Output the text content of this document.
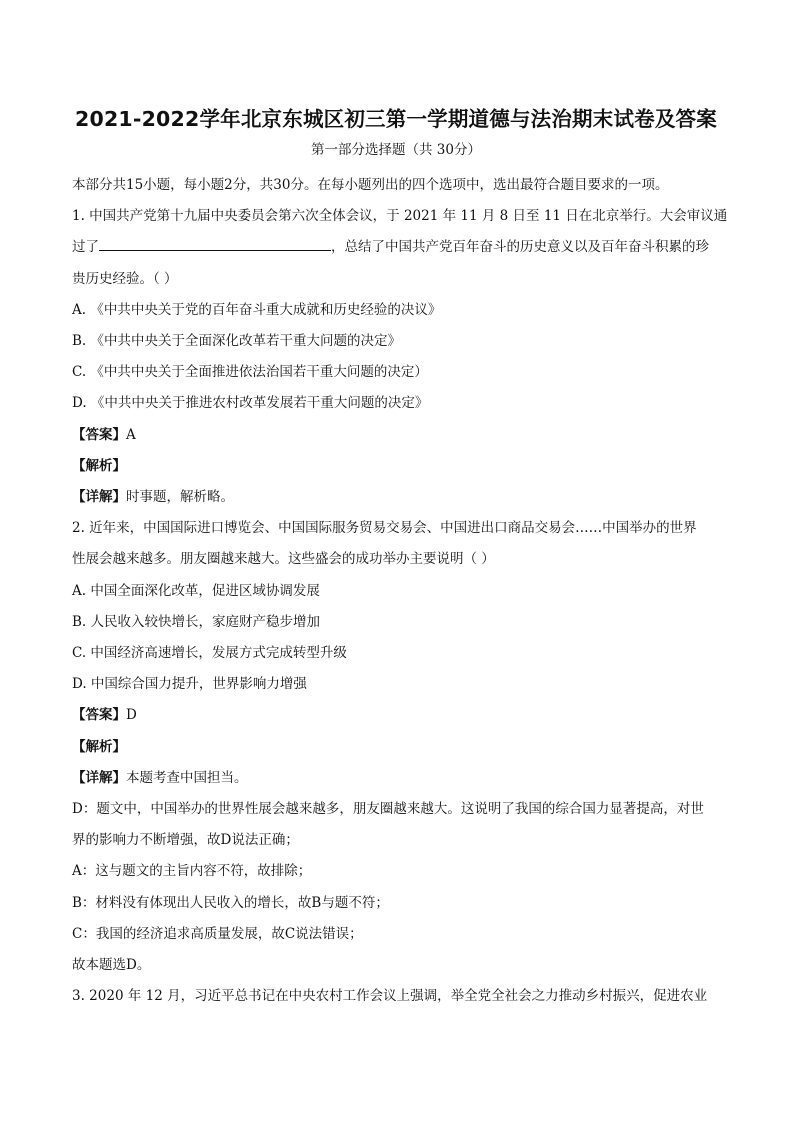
2021-2022学年北京东城区初三第一学期道德与法治期末试卷及答案
第一部分选择题（共 30分）

本部分共15小题，每小题2分，共30分。在每小题列出的四个选项中，选出最符合题目要求的一项。

1. 中国共产党第十九届中央委员会第六次全体会议，于 2021 年 11 月 8 日至 11 日在北京举行。大会审议通

过了	，总结了中国共产党百年奋斗的历史意义以及百年奋斗积累的珍

贵历史经验。（ ）

A. 《中共中央关于党的百年奋斗重大成就和历史经验的决议》

B. 《中共中央关于全面深化改革若干重大问题的决定》

C. 《中共中央关于全面推进依法治国若干重大问题的决定）

D. 《中共中央关于推进农村改革发展若干重大问题的决定》

【答案】A

【解析】

【详解】时事题，解析略。

2. 近年来，中国国际进口博览会、中国国际服务贸易交易会、中国进出口商品交易会……中国举办的世界

性展会越来越多。朋友圈越来越大。这些盛会的成功举办主要说明（ ）

A. 中国全面深化改革，促进区域协调发展

B. 人民收入较快增长，家庭财产稳步增加

C. 中国经济高速增长，发展方式完成转型升级

D. 中国综合国力提升，世界影响力增强

【答案】D

【解析】

【详解】本题考查中国担当。

D：题文中，中国举办的世界性展会越来越多，朋友圈越来越大。这说明了我国的综合国力显著提高，对世

界的影响力不断增强，故D说法正确；

A：这与题文的主旨内容不符，故排除；

B：材料没有体现出人民收入的增长，故B与题不符；

C：我国的经济追求高质量发展，故C说法错误；

故本题选D。

3. 2020 年 12 月，习近平总书记在中央农村工作会议上强调，举全党全社会之力推动乡村振兴，促进农业
